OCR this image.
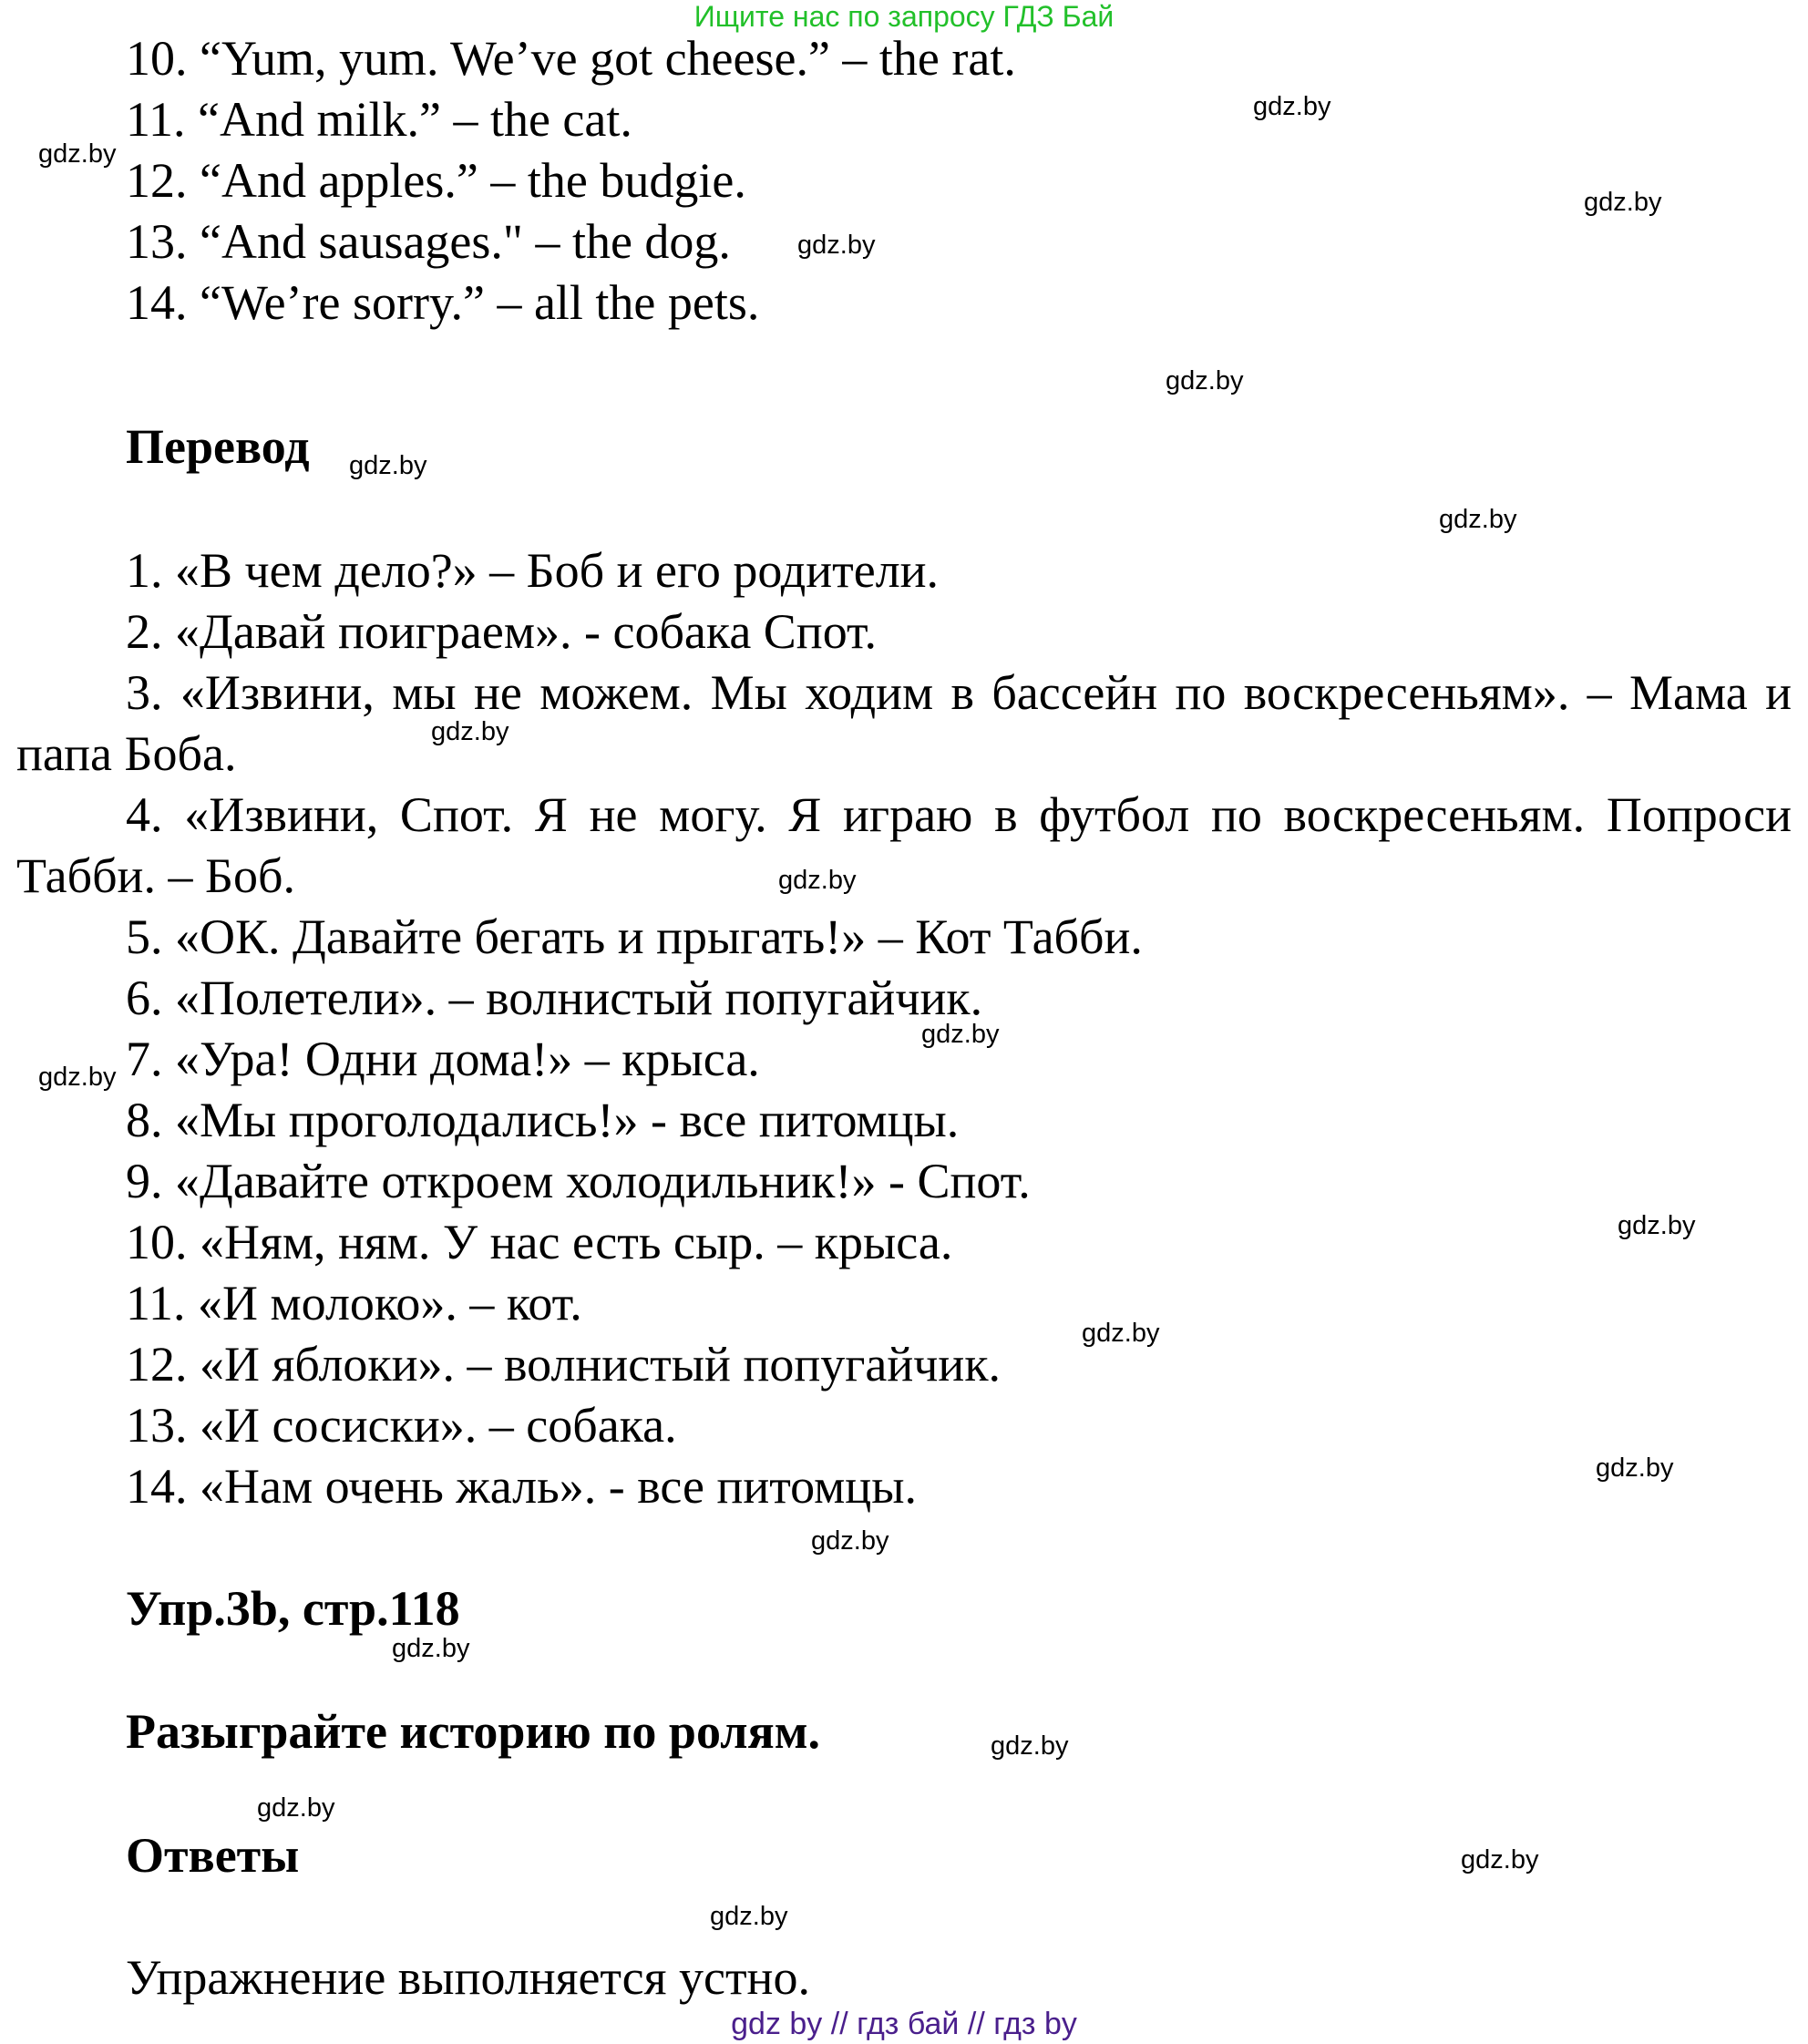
Ищите нас по запросу ГДЗ Бай
10. “Yum, yum. We’ve got cheese.” – the rat.
11. “And milk.” – the cat.
12. “And apples.” – the budgie.
13. “And sausages." – the dog.
14. “We’re sorry.” – all the pets.
Перевод
1. «В чем дело?» – Боб и его родители.
2. «Давай поиграем». - собака Спот.
3. «Извини, мы не можем. Мы ходим в бассейн по воскресеньям». – Мама и папа Боба.
4. «Извини, Спот. Я не могу. Я играю в футбол по воскресеньям. Попроси Табби. – Боб.
5. «ОК. Давайте бегать и прыгать!» – Кот Табби.
6. «Полетели». – волнистый попугайчик.
7. «Ура! Одни дома!» – крыса.
8. «Мы проголодались!» - все питомцы.
9. «Давайте откроем холодильник!» - Спот.
10. «Ням, ням. У нас есть сыр. – крыса.
11. «И молоко». – кот.
12. «И яблоки». – волнистый попугайчик.
13. «И сосиски». – собака.
14. «Нам очень жаль». - все питомцы.
Упр.3b, стр.118
Разыграйте историю по ролям.
Ответы
Упражнение выполняется устно.
gdz.by
gdz.by
gdz.by
gdz.by
gdz.by
gdz.by
gdz.by
gdz.by
gdz.by
gdz.by
gdz.by
gdz.by
gdz.by
gdz.by
gdz.by
gdz.by
gdz.by
gdz.by
gdz.by
gdz.by
gdz by // гдз бай // гдз by
